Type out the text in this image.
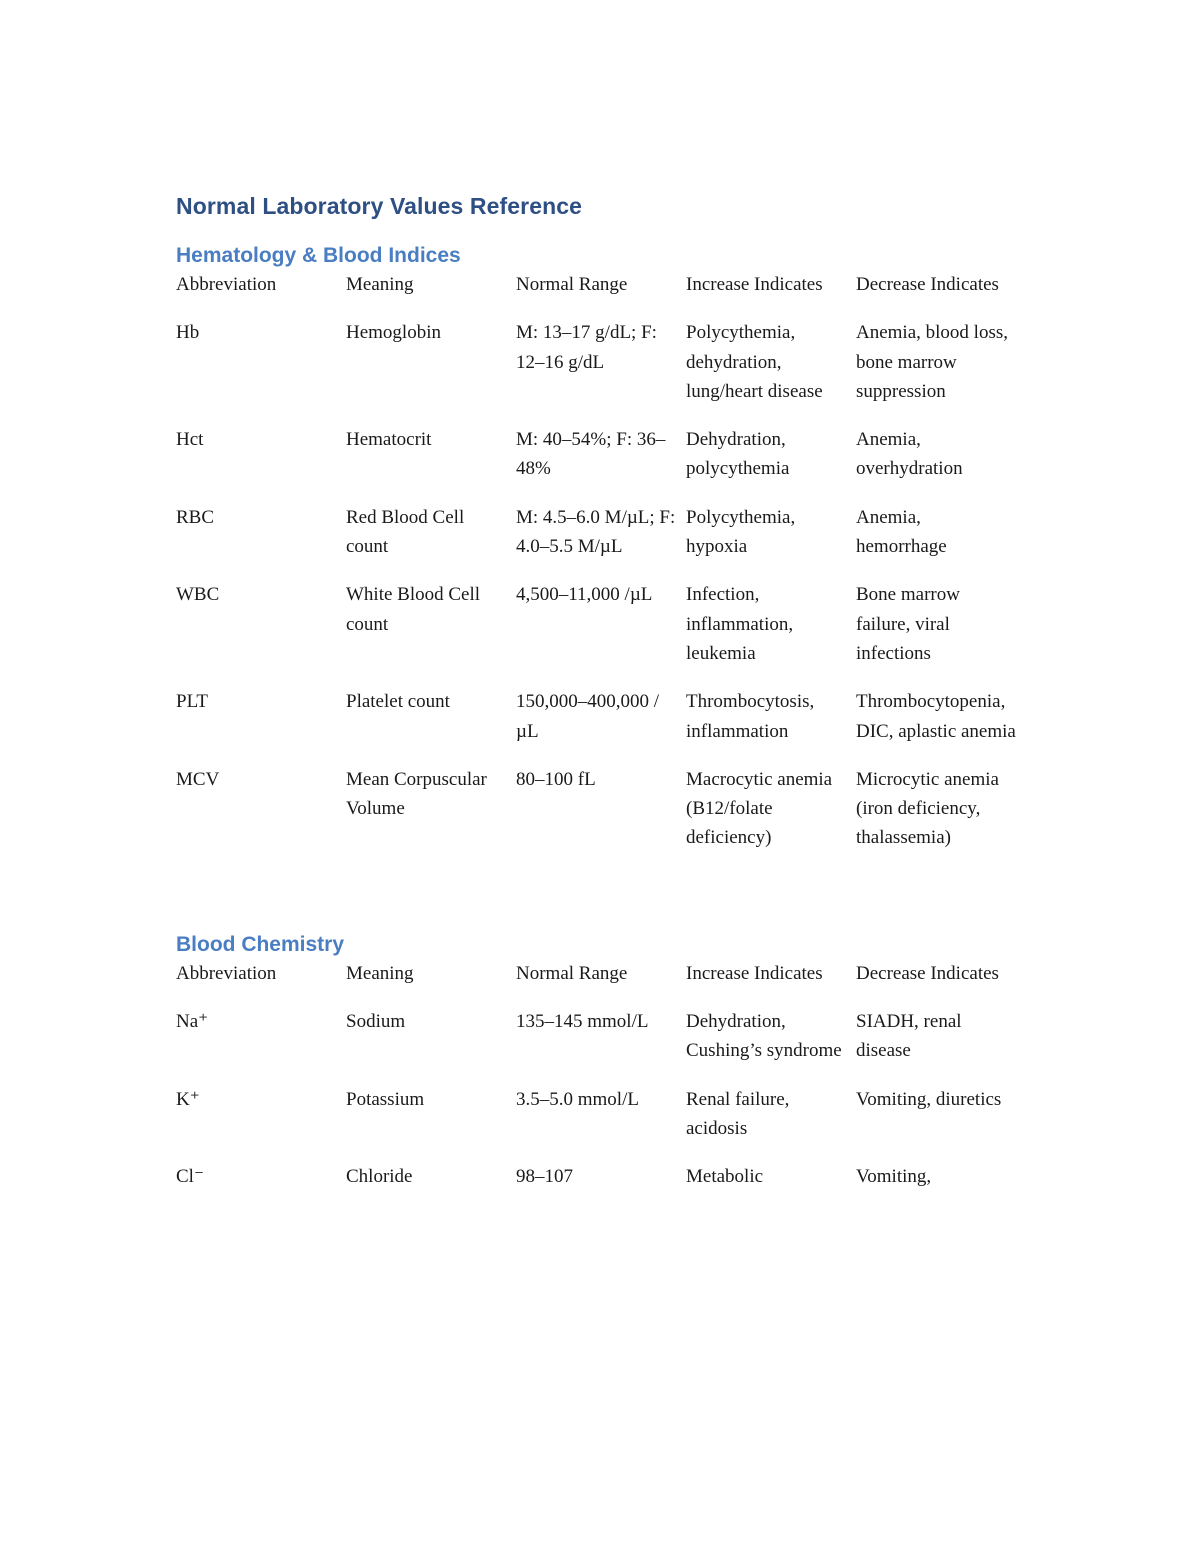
Normal Laboratory Values Reference
Hematology & Blood Indices
Abbreviation	Meaning	Normal Range	Increase Indicates	Decrease Indicates
Hb	Hemoglobin	M: 13–17 g/dL; F: 12–16 g/dL	Polycythemia, dehydration, lung/heart disease	Anemia, blood loss, bone marrow suppression
Hct	Hematocrit	M: 40–54%; F: 36–48%	Dehydration, polycythemia	Anemia, overhydration
RBC	Red Blood Cell count	M: 4.5–6.0 M/µL; F: 4.0–5.5 M/µL	Polycythemia, hypoxia	Anemia, hemorrhage
WBC	White Blood Cell count	4,500–11,000 /µL	Infection, inflammation, leukemia	Bone marrow failure, viral infections
PLT	Platelet count	150,000–400,000 /µL	Thrombocytosis, inflammation	Thrombocytopenia, DIC, aplastic anemia
MCV	Mean Corpuscular Volume	80–100 fL	Macrocytic anemia (B12/folate deficiency)	Microcytic anemia (iron deficiency, thalassemia)
Blood Chemistry
Abbreviation	Meaning	Normal Range	Increase Indicates	Decrease Indicates
Na⁺	Sodium	135–145 mmol/L	Dehydration, Cushing’s syndrome	SIADH, renal disease
K⁺	Potassium	3.5–5.0 mmol/L	Renal failure, acidosis	Vomiting, diuretics
Cl⁻	Chloride	98–107	Metabolic	Vomiting,
